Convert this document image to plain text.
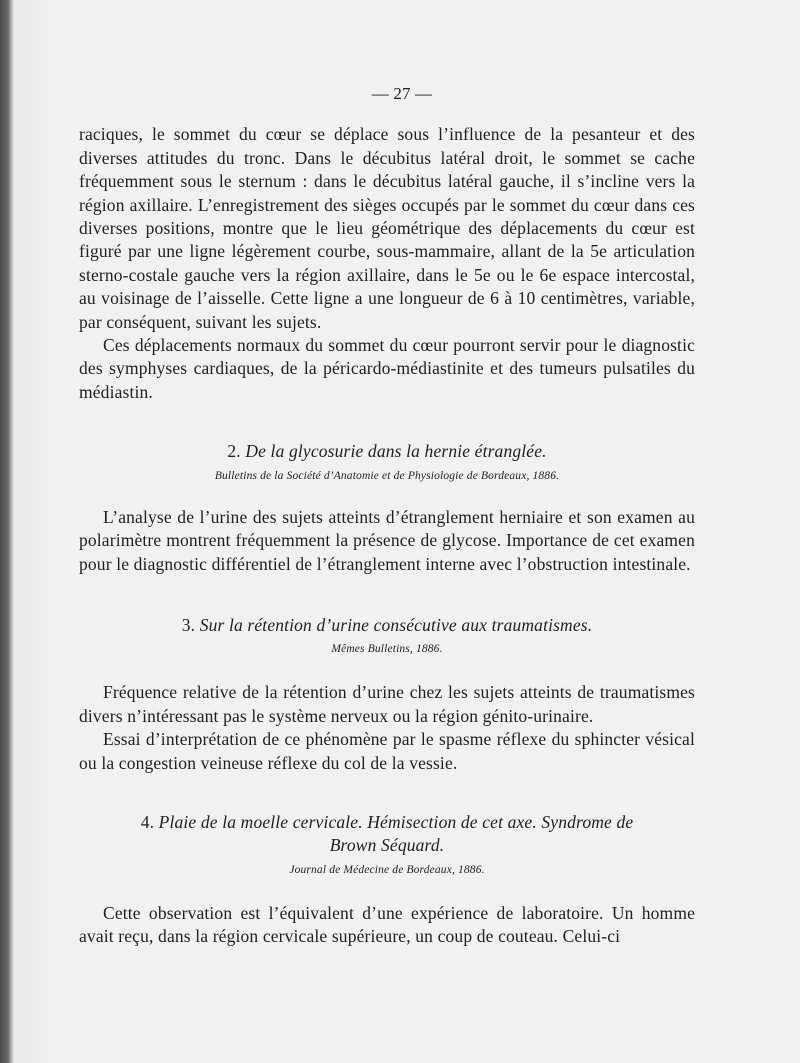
— 27 —

raciques, le sommet du cœur se déplace sous l’influence de la pesanteur et des diverses attitudes du tronc. Dans le décubitus latéral droit, le sommet se cache fréquemment sous le sternum : dans le décubitus latéral gauche, il s’incline vers la région axillaire. L’enregistrement des sièges occupés par le sommet du cœur dans ces diverses positions, montre que le lieu géométrique des déplacements du cœur est figuré par une ligne légèrement courbe, sous-mammaire, allant de la 5e articulation sterno-costale gauche vers la région axillaire, dans le 5e ou le 6e espace intercostal, au voisinage de l’aisselle. Cette ligne a une longueur de 6 à 10 centimètres, variable, par conséquent, suivant les sujets.

Ces déplacements normaux du sommet du cœur pourront servir pour le diagnostic des symphyses cardiaques, de la péricardo-médiastinite et des tumeurs pulsatiles du médiastin.

2. De la glycosurie dans la hernie étranglée.

Bulletins de la Société d’Anatomie et de Physiologie de Bordeaux, 1886.

L’analyse de l’urine des sujets atteints d’étranglement herniaire et son examen au polarimètre montrent fréquemment la présence de glycose. Importance de cet examen pour le diagnostic différentiel de l’étranglement interne avec l’obstruction intestinale.

3. Sur la rétention d’urine consécutive aux traumatismes.

Mêmes Bulletins, 1886.

Fréquence relative de la rétention d’urine chez les sujets atteints de traumatismes divers n’intéressant pas le système nerveux ou la région génito-urinaire.

Essai d’interprétation de ce phénomène par le spasme réflexe du sphincter vésical ou la congestion veineuse réflexe du col de la vessie.

4. Plaie de la moelle cervicale. Hémisection de cet axe. Syndrome de Brown Séquard.

Journal de Médecine de Bordeaux, 1886.

Cette observation est l’équivalent d’une expérience de laboratoire. Un homme avait reçu, dans la région cervicale supérieure, un coup de couteau. Celui-ci
